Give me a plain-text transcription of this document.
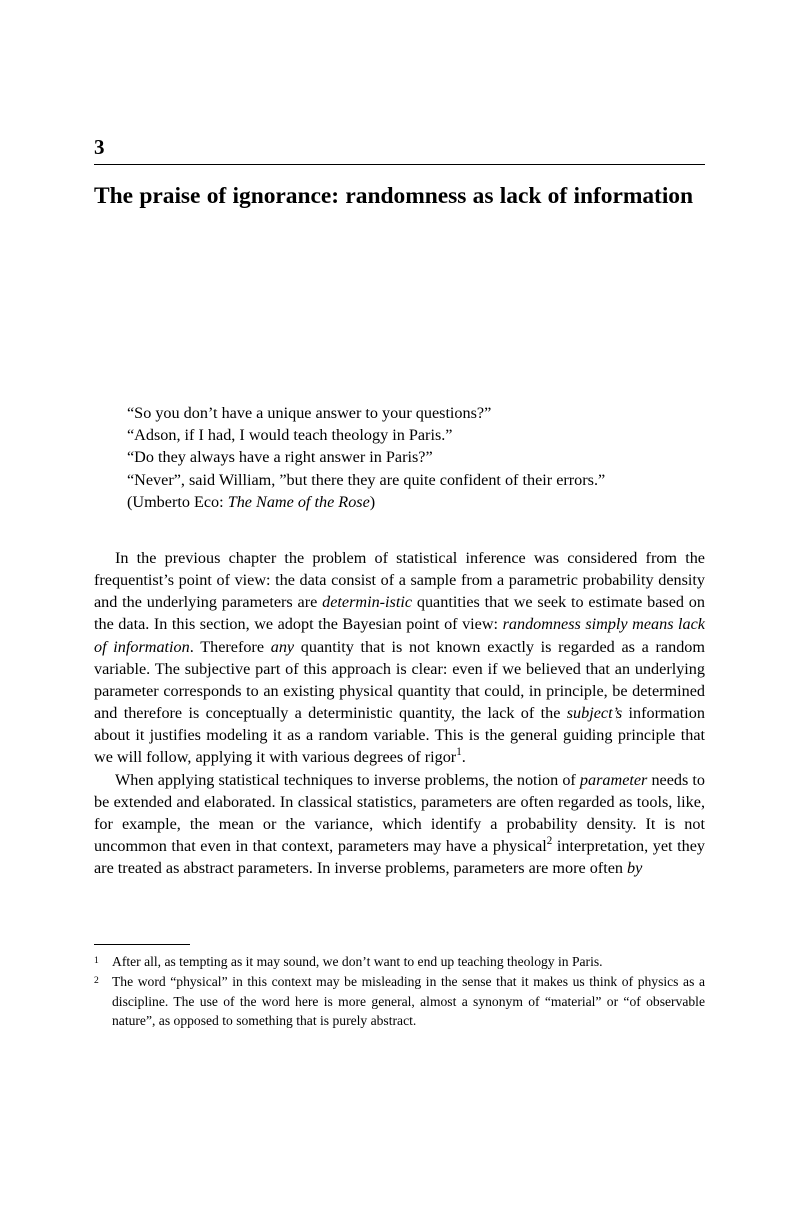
3
The praise of ignorance: randomness as lack of information

“So you don’t have a unique answer to your questions?”

“Adson, if I had, I would teach theology in Paris.”

“Do they always have a right answer in Paris?”

“Never”, said William, ”but there they are quite confident of their errors.”

(Umberto Eco: The Name of the Rose)

In the previous chapter the problem of statistical inference was considered from the frequentist’s point of view: the data consist of a sample from a parametric probability density and the underlying parameters are determin-istic quantities that we seek to estimate based on the data. In this section, we adopt the Bayesian point of view: randomness simply means lack of information. Therefore any quantity that is not known exactly is regarded as a random variable. The subjective part of this approach is clear: even if we believed that an underlying parameter corresponds to an existing physical quantity that could, in principle, be determined and therefore is conceptually a deterministic quantity, the lack of the subject’s information about it justifies modeling it as a random variable. This is the general guiding principle that we will follow, applying it with various degrees of rigor$^1$.

When applying statistical techniques to inverse problems, the notion of parameter needs to be extended and elaborated. In classical statistics, parameters are often regarded as tools, like, for example, the mean or the variance, which identify a probability density. It is not uncommon that even in that context, parameters may have a physical$^2$ interpretation, yet they are treated as abstract parameters. In inverse problems, parameters are more often by

1 After all, as tempting as it may sound, we don’t want to end up teaching theology in Paris.
2 The word “physical” in this context may be misleading in the sense that it makes us think of physics as a discipline. The use of the word here is more general, almost a synonym of “material” or “of observable nature”, as opposed to something that is purely abstract.
